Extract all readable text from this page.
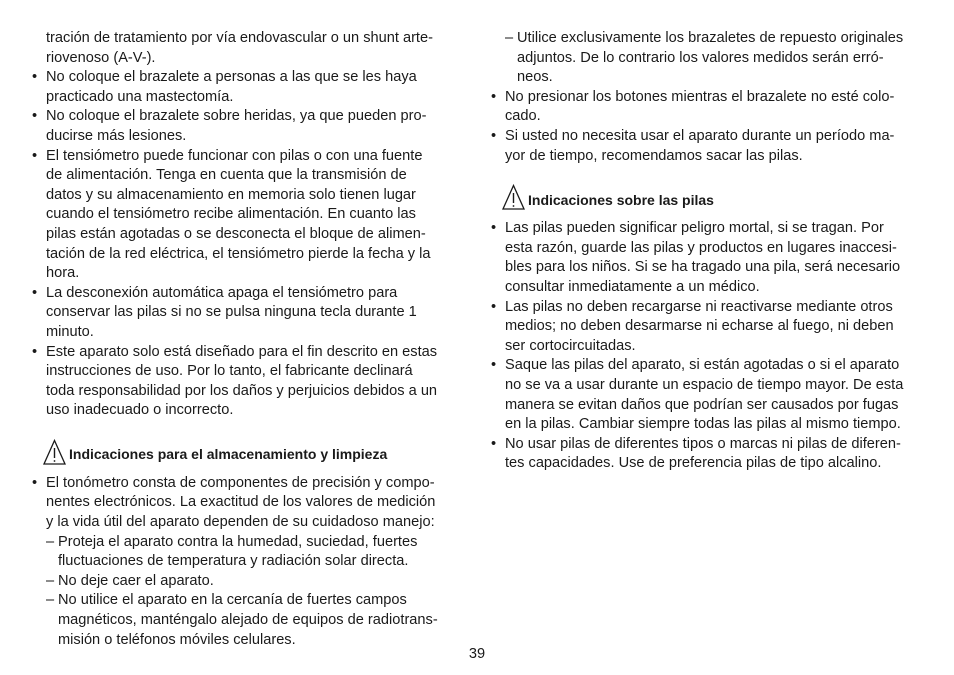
tración de tratamiento por vía endovascular o un shunt arte-
riovenoso (A-V-).
• No coloque el brazalete a personas a las que se les haya
practicado una mastectomía.
• No coloque el brazalete sobre heridas, ya que pueden pro-
ducirse más lesiones.
• El tensiómetro puede funcionar con pilas o con una fuente
de alimentación. Tenga en cuenta que la transmisión de
datos y su almacenamiento en memoria solo tienen lugar
cuando el tensiómetro recibe alimentación. En cuanto las
pilas están agotadas o se desconecta el bloque de alimen-
tación de la red eléctrica, el tensiómetro pierde la fecha y la
hora.
• La desconexión automática apaga el tensiómetro para
conservar las pilas si no se pulsa ninguna tecla durante 1
minuto.
• Este aparato solo está diseñado para el fin descrito en estas
instrucciones de uso. Por lo tanto, el fabricante declinará
toda responsabilidad por los daños y perjuicios debidos a un
uso inadecuado o incorrecto.
Indicaciones para el almacenamiento y limpieza
• El tonómetro consta de componentes de precisión y compo-
nentes electrónicos. La exactitud de los valores de medición
y la vida útil del aparato dependen de su cuidadoso manejo:
– Proteja el aparato contra la humedad, suciedad, fuertes
fluctuaciones de temperatura y radiación solar directa.
– No deje caer el aparato.
– No utilice el aparato en la cercanía de fuertes campos
magnéticos, manténgalo alejado de equipos de radiotrans-
misión o teléfonos móviles celulares.
– Utilice exclusivamente los brazaletes de repuesto originales
adjuntos. De lo contrario los valores medidos serán erró-
neos.
• No presionar los botones mientras el brazalete no esté colo-
cado.
• Si usted no necesita usar el aparato durante un período ma-
yor de tiempo, recomendamos sacar las pilas.
Indicaciones sobre las pilas
• Las pilas pueden significar peligro mortal, si se tragan. Por
esta razón, guarde las pilas y productos en lugares inaccesi-
bles para los niños. Si se ha tragado una pila, será necesario
consultar inmediatamente a un médico.
• Las pilas no deben recargarse ni reactivarse mediante otros
medios; no deben desarmarse ni echarse al fuego, ni deben
ser cortocircuitadas.
• Saque las pilas del aparato, si están agotadas o si el aparato
no se va a usar durante un espacio de tiempo mayor. De esta
manera se evitan daños que podrían ser causados por fugas
en la pilas. Cambiar siempre todas las pilas al mismo tiempo.
• No usar pilas de diferentes tipos o marcas ni pilas de diferen-
tes capacidades. Use de preferencia pilas de tipo alcalino.
39
